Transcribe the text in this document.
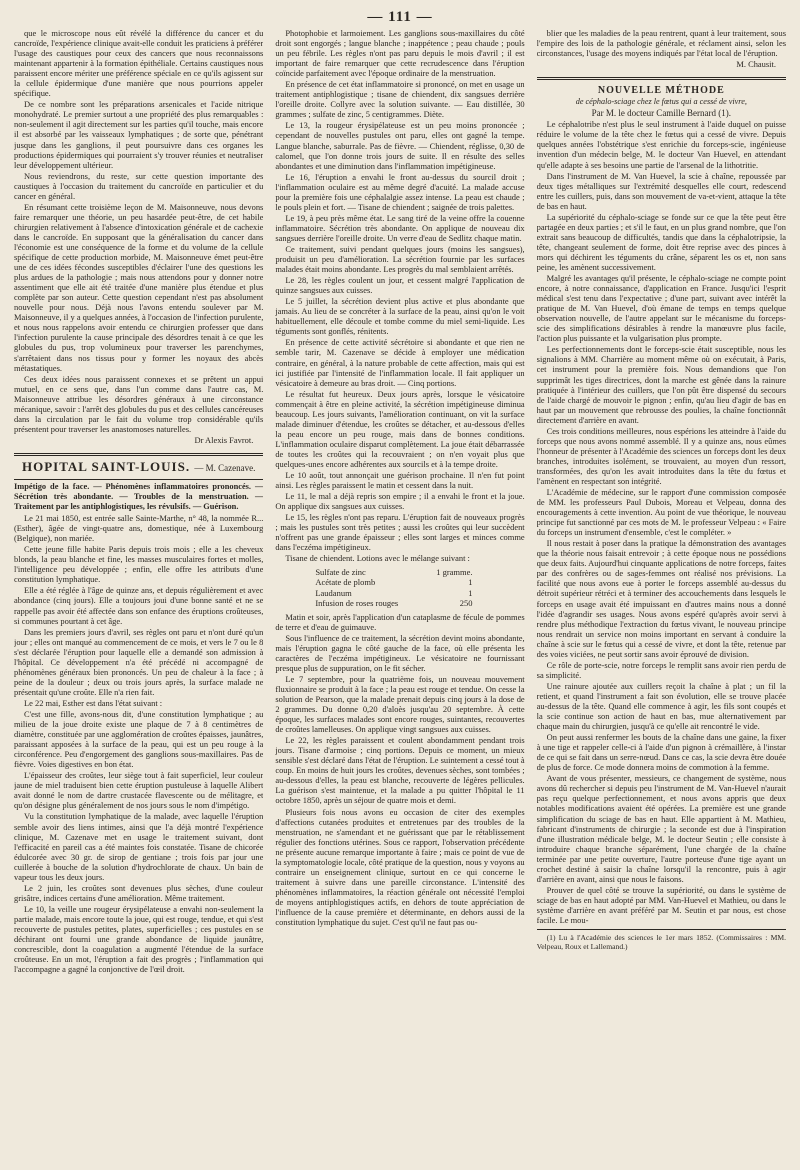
— 111 —

que le microscope nous eût révélé la différence du cancer et du cancroïde, l'expérience clinique avait-elle conduit les praticiens à préférer l'usage des caustiques pour ceux des cancers que nous reconnaissons maintenant appartenir à la formation épithéliale. Certains caustiques nous paraissent encore mériter une préférence spéciale en ce qu'ils agissent sur la cellule épidermique d'une manière que nous pourrions appeler spécifique.

De ce nombre sont les préparations arsenicales et l'acide nitrique monohydraté. Le premier surtout a une propriété des plus remarquables : non-seulement il agit directement sur les parties qu'il touche, mais encore il est absorbé par les vaisseaux lymphatiques ; de sorte que, pénétrant jusque dans les ganglions, il peut poursuivre dans ces organes les productions épidermiques qui pourraient s'y trouver réunies et neutraliser leur développement ultérieur.

Nous reviendrons, du reste, sur cette question importante des caustiques à l'occasion du traitement du cancroïde en particulier et du cancer en général.

En résumant cette troisième leçon de M. Maisonneuve, nous devons faire remarquer une théorie, un peu hasardée peut-être, de cet habile chirurgien relativement à l'absence d'intoxication générale et de cachexie dans le cancroïde. En supposant que la généralisation du cancer dans l'économie est une conséquence de la forme et du volume de la cellule spécifique de cette production morbide, M. Maisonneuve émet peut-être une de ces idées fécondes susceptibles d'éclairer l'une des questions les plus ardues de la pathologie ; mais nous attendons pour y donner notre assentiment que elle ait été traitée d'une manière plus étendue et plus complète par son auteur. Cette question cependant n'est pas absolument nouvelle pour nous. Déjà nous l'avons entendu soulever par M. Maisonneuve, il y a quelques années, à l'occasion de l'infection purulente, et nous nous rappelons avoir entendu ce chirurgien professer que dans l'infection purulente la cause principale des désordres tenait à ce que les globules du pus, trop volumineux pour traverser les parenchymes, s'arrêtaient dans nos tissus pour y former les noyaux des abcès métastatiques.

Ces deux idées nous paraissent connexes et se prêtent un appui mutuel, en ce sens que, dans l'un comme dans l'autre cas, M. Maisonneuve attribue les désordres généraux à une circonstance mécanique, savoir : l'arrêt des globules du pus et des cellules cancéreuses dans la circulation par le fait du volume trop considérable qu'ils présentent pour traverser les anastomoses naturelles.

Dr Alexis Favrot.

HOPITAL SAINT-LOUIS. — M. Cazenave.

Impétigo de la face. — Phénomènes inflammatoires prononcés. — Sécrétion très abondante. — Troubles de la menstruation. — Traitement par les antiphlogistiques, les révulsifs. — Guérison.

Le 21 mai 1850, est entrée salle Sainte-Marthe, n° 48, la nommée R... (Esther), âgée de vingt-quatre ans, domestique, née à Luxembourg (Belgique), non mariée.

Cette jeune fille habite Paris depuis trois mois ; elle a les cheveux blonds, la peau blanche et fine, les masses musculaires fortes et molles, l'intelligence peu développée ; enfin, elle offre les attributs d'une constitution lymphatique.

Elle a été réglée à l'âge de quinze ans, et depuis régulièrement et avec abondance (cinq jours). Elle a toujours joui d'une bonne santé et ne se rappelle pas avoir été affectée dans son enfance des éruptions croûteuses, si communes pourtant à cet âge.

Dans les premiers jours d'avril, ses règles ont paru et n'ont duré qu'un jour ; elles ont manqué au commencement de ce mois, et vers le 7 ou le 8 s'est déclarée l'éruption pour laquelle elle a demandé son admission à l'hôpital. Ce développement n'a été précédé ni accompagné de phénomènes généraux bien prononcés. Un peu de chaleur à la face ; à peine de la douleur ; deux ou trois jours après, la surface malade ne présentait qu'une croûte. Elle n'a rien fait.

Le 22 mai, Esther est dans l'état suivant :

C'est une fille, avons-nous dit, d'une constitution lymphatique ; au milieu de la joue droite existe une plaque de 7 à 8 centimètres de diamètre, constituée par une agglomération de croûtes épaisses, jaunâtres, paraissant apposées à la surface de la peau, qui est un peu rouge à la circonférence. Peu d'engorgement des ganglions sous-maxillaires. Pas de fièvre. Voies digestives en bon état.

L'épaisseur des croûtes, leur siège tout à fait superficiel, leur couleur jaune de miel traduisent bien cette éruption pustuleuse à laquelle Alibert avait donné le nom de dartre crustacée flavescente ou de mélitagre, et qu'on désigne plus généralement de nos jours sous le nom d'impétigo.

Vu la constitution lymphatique de la malade, avec laquelle l'éruption semble avoir des liens intimes, ainsi que l'a déjà montré l'expérience clinique, M. Cazenave met en usage le traitement suivant, dont l'efficacité en pareil cas a été maintes fois constatée. Tisane de chicorée édulcorée avec 30 gr. de sirop de gentiane ; trois fois par jour une cuillerée à bouche de la solution d'hydrochlorate de chaux. Un bain de vapeur tous les deux jours.

Le 2 juin, les croûtes sont devenues plus sèches, d'une couleur grisâtre, indices certains d'une amélioration. Même traitement.

Le 10, la veille une rougeur érysipélateuse a envahi non-seulement la partie malade, mais encore toute la joue, qui est rouge, tendue, et qui s'est recouverte de pustules petites, plates, superficielles ; ces pustules en se déchirant ont fourni une grande abondance de liquide jaunâtre, concrescible, dont la coagulation a augmenté l'étendue de la surface croûteuse. En un mot, l'éruption a fait des progrès ; l'inflammation qui l'accompagne a gagné la conjonctive de l'œil droit.

Photophobie et larmoiement. Les ganglions sous-maxillaires du côté droit sont engorgés ; langue blanche ; inappétence ; peau chaude ; pouls un peu fébrile. Les règles n'ont pas paru depuis le mois d'avril ; il est important de faire remarquer que cette recrudescence dans l'éruption coïncide parfaitement avec l'époque ordinaire de la menstruation.

En présence de cet état inflammatoire si prononcé, on met en usage un traitement antiphlogistique ; tisane de chiendent, dix sangsues derrière l'oreille droite. Collyre avec la solution suivante. — Eau distillée, 30 grammes ; sulfate de zinc, 5 centigrammes. Diète.

Le 13, la rougeur érysipélateuse est un peu moins prononcée ; cependant de nouvelles pustules ont paru, elles ont gagné la tempe. Langue blanche, saburrale. Pas de fièvre. — Chiendent, réglisse, 0,30 de calomel, que l'on donne trois jours de suite. Il en résulte des selles abondantes et une diminution dans l'inflammation impétigineuse.

Le 16, l'éruption a envahi le front au-dessus du sourcil droit ; l'inflammation oculaire est au même degré d'acuité. La malade accuse pour la première fois une céphalalgie assez intense. La peau est chaude ; le pouls plein et fort. — Tisane de chiendent ; saignée de trois palettes.

Le 19, à peu près même état. Le sang tiré de la veine offre la couenne inflammatoire. Sécrétion très abondante. On applique de nouveau dix sangsues derrière l'oreille droite. Un verre d'eau de Sedlitz chaque matin.

Ce traitement, suivi pendant quelques jours (moins les sangsues), produisit un peu d'amélioration. La sécrétion fournie par les surfaces malades était moins abondante. Les progrès du mal semblaient arrêtés.

Le 28, les règles coulent un jour, et cessent malgré l'application de quinze sangsues aux cuisses.

Le 5 juillet, la sécrétion devient plus active et plus abondante que jamais. Au lieu de se concréter à la surface de la peau, ainsi qu'on le voit habituellement, elle découle et tombe comme du miel semi-liquide. Les téguments sont gonflés, rénitents.

En présence de cette activité sécrétoire si abondante et que rien ne semble tarir, M. Cazenave se décide à employer une médication contraire, en général, à la nature probable de cette affection, mais qui est ici justifiée par l'intensité de l'inflammation locale. Il fait appliquer un vésicatoire à demeure au bras droit. — Cinq portions.

Le résultat fut heureux. Deux jours après, lorsque le vésicatoire commençait à être en pleine activité, la sécrétion impétigineuse diminua beaucoup. Les jours suivants, l'amélioration continuant, on vit la surface malade diminuer d'étendue, les croûtes se détacher, et au-dessous d'elles la peau encore un peu rouge, mais dans de bonnes conditions. L'inflammation oculaire disparut complètement. La joue était débarrassée de toutes les croûtes qui la recouvraient ; on n'en voyait plus que quelques-unes encore adhérentes aux sourcils et à la tempe droite.

Le 10 août, tout annonçait une guérison prochaine. Il n'en fut point ainsi. Les règles paraissent le matin et cessent dans la nuit.

Le 11, le mal a déjà repris son empire ; il a envahi le front et la joue. On applique dix sangsues aux cuisses.

Le 15, les règles n'ont pas reparu. L'éruption fait de nouveaux progrès ; mais les pustules sont très petites ; aussi les croûtes qui leur succèdent n'offrent pas une grande épaisseur ; elles sont larges et minces comme dans l'eczéma impétigineux.

Tisane de chiendent. Lotions avec le mélange suivant :

Sulfate de zinc	1 gramme.
Acétate de plomb	1
Laudanum	1
Infusion de roses rouges	250

Matin et soir, après l'application d'un cataplasme de fécule de pommes de terre et d'eau de guimauve.

Sous l'influence de ce traitement, la sécrétion devint moins abondante, mais l'éruption gagna le côté gauche de la face, où elle présenta les caractères de l'eczéma impétigineux. Le vésicatoire ne fournissant presque plus de suppuration, on le fit sécher.

Le 7 septembre, pour la quatrième fois, un nouveau mouvement fluxionnaire se produit à la face ; la peau est rouge et tendue. On cesse la solution de Pearson, que la malade prenait depuis cinq jours à la dose de 2 grammes. Du donne 0,20 d'aloès jusqu'au 20 septembre. À cette époque, les surfaces malades sont encore rouges, suintantes, recouvertes de croûtes lamelleuses. On applique vingt sangsues aux cuisses.

Le 22, les règles paraissent et coulent abondamment pendant trois jours. Tisane d'armoise ; cinq portions. Depuis ce moment, un mieux sensible s'est déclaré dans l'état de l'éruption. Le suintement a cessé tout à coup. En moins de huit jours les croûtes, devenues sèches, sont tombées ; au-dessous d'elles, la peau est blanche, recouverte de légères pellicules. La guérison s'est maintenue, et la malade a pu quitter l'hôpital le 11 octobre 1850, après un séjour de quatre mois et demi.

Plusieurs fois nous avons eu occasion de citer des exemples d'affections cutanées produites et entretenues par des troubles de la menstruation, ne s'amendant et ne guérissant que par le rétablissement régulier des fonctions utérines. Sous ce rapport, l'observation précédente ne présente aucune remarque importante à faire ; mais ce point de vue de la symptomatologie locale, côté pratique de la question, nous y voyons au contraire un enseignement clinique, surtout en ce qui concerne le traitement à suivre dans une pareille circonstance. L'intensité des phénomènes inflammatoires, la réaction générale ont nécessité l'emploi de moyens antiphlogistiques actifs, en dehors de toute appréciation de l'influence de la cause première et déterminante, en dehors aussi de la constitution lymphatique du sujet. C'est qu'il ne faut pas ou-

blier que les maladies de la peau rentrent, quant à leur traitement, sous l'empire des lois de la pathologie générale, et réclament ainsi, selon les circonstances, l'usage des moyens indiqués par l'état local de l'éruption.

M. Chausit.

NOUVELLE MÉTHODE

de céphalo-sciage chez le fœtus qui a cessé de vivre,

Par M. le docteur Camille Bernard (1).

Le céphalotribe n'est plus le seul instrument à l'aide duquel on puisse réduire le volume de la tête chez le fœtus qui a cessé de vivre. Depuis quelques années l'obstétrique s'est enrichie du forceps-scie, ingénieuse invention d'un médecin belge, M. le docteur Van Huevel, en attendant qu'elle adapte à ses besoins une partie de l'arsenal de la lithotritie.

Dans l'instrument de M. Van Huevel, la scie à chaîne, repoussée par deux tiges métalliques sur l'extrémité desquelles elle court, redescend entre les cuillers, puis, dans son mouvement de va-et-vient, attaque la tête de bas en haut.

La supériorité du céphalo-sciage se fonde sur ce que la tête peut être partagée en deux parties ; et s'il le faut, en un plus grand nombre, que l'on extrait sans beaucoup de difficultés, tandis que dans la céphalotripsie, la tête, changeant seulement de forme, doit être reprise avec des pinces à mors qui déchirent les téguments du crâne, séparent les os et, non sans peine, les amènent successivement.

Malgré les avantages qu'il présente, le céphalo-sciage ne compte point encore, à notre connaissance, d'application en France. Jusqu'ici l'esprit médical s'est tenu dans l'expectative ; d'une part, suivant avec intérêt la pratique de M. Van Huevel, d'où émane de temps en temps quelque observation nouvelle, de l'autre appelant sur le mécanisme du forceps-scie des simplifications désirables à rendre la manœuvre plus facile, l'action plus puissante et la vulgarisation plus prompte.

Les perfectionnements dont le forceps-scie était susceptible, nous les signalions à MM. Charrière au moment même où on exécutait, à Paris, cet instrument pour la première fois. Nous demandions que l'on supprimât les tiges directrices, dont la marche est gênée dans la rainure pratiquée à l'intérieur des cuillers, que l'on pût être dispensé du secours de l'aide chargé de mouvoir le pignon ; enfin, qu'au lieu d'agir de bas en haut par un mouvement que rebrousse des poulies, la chaîne fonctionnât directement d'arrière en avant.

Ces trois conditions meilleures, nous espérions les atteindre à l'aide du forceps que nous avons nommé assemblé. Il y a quinze ans, nous eûmes l'honneur de présenter à l'Académie des sciences un forceps dont les deux branches, introduites isolément, se trouvaient, au moyen d'un ressort, transformées, des qu'on les avait introduites dans la tête du fœtus et l'amènent en respectant son intégrité.

L'Académie de médecine, sur le rapport d'une commission composée de MM. les professeurs Paul Dubois, Moreau et Velpeau, donna des encouragements à cette invention. Au point de vue théorique, le nouveau principe fut sanctionné par ces mots de M. le professeur Velpeau : « Faire du forceps un instrument d'ensemble, c'est le compléter. »

Il nous restait à poser dans la pratique la démonstration des avantages que la théorie nous faisait entrevoir ; à cette époque nous ne possédions que deux faits. Aujourd'hui cinquante applications de notre forceps, faites par des confrères ou de sages-femmes ont réalisé nos prévisions. La facilité que nous avons eue à porter le forceps assemblé au-dessus du détroit supérieur rétréci et à terminer des accouchements dans lesquels le forceps en usage avait été impuissant en d'autres mains nous a donné l'idée d'agrandir ses usages. Nous avons espéré qu'après avoir servi à rendre plus méthodique l'extraction du fœtus vivant, le nouveau principe nous rendrait un service non moins important en servant à conduire la chaîne à scie sur le fœtus qui a cessé de vivre, et dont la tête, retenue par des voies viciées, ne peut sortir sans avoir éprouvé de division.

Ce rôle de porte-scie, notre forceps le remplit sans avoir rien perdu de sa simplicité.

Une rainure ajoutée aux cuillers reçoit la chaîne à plat ; un fil la retient, et quand l'instrument a fait son évolution, elle se trouve placée au-dessus de la tête. Quand elle commence à agir, les fils sont coupés et la scie continue son action de haut en bas, mue alternativement par chaque main du chirurgien, jusqu'à ce qu'elle ait rencontré le vide.

On peut aussi renfermer les bouts de la chaîne dans une gaine, la fixer à une tige et rappeler celle-ci à l'aide d'un pignon à crémaillère, à l'instar de ce qui se fait dans un serre-nœud. Dans ce cas, la scie devra être douée de plus de force. Ce mode donnera moins de commotion à la femme.

Avant de vous présenter, messieurs, ce changement de système, nous avons dû rechercher si depuis peu l'instrument de M. Van-Huevel n'aurait pas reçu quelque perfectionnement, et nous avons appris que deux notables modifications avaient été opérées. La première est une grande simplification du sciage de bas en haut. Elle appartient à M. Mathieu, fabricant d'instruments de chirurgie ; la seconde est due à l'inspiration d'une illustration médicale belge, M. le docteur Seutin ; elle consiste à introduire chaque branche séparément, l'une chargée de la chaîne terminée par une petite ouverture, l'autre porteuse d'une tige ayant un crochet destiné à saisir la chaîne lorsqu'il la rencontre, puis à agir d'arrière en avant, ainsi que nous le faisons.

Prouver de quel côté se trouve la supériorité, ou dans le système de sciage de bas en haut adopté par MM. Van-Huevel et Mathieu, ou dans le système d'arrière en avant préféré par M. Seutin et par nous, est chose facile. Le mou-

(1) Lu à l'Académie des sciences le 1er mars 1852. (Commissaires : MM. Velpeau, Roux et Lallemand.)
